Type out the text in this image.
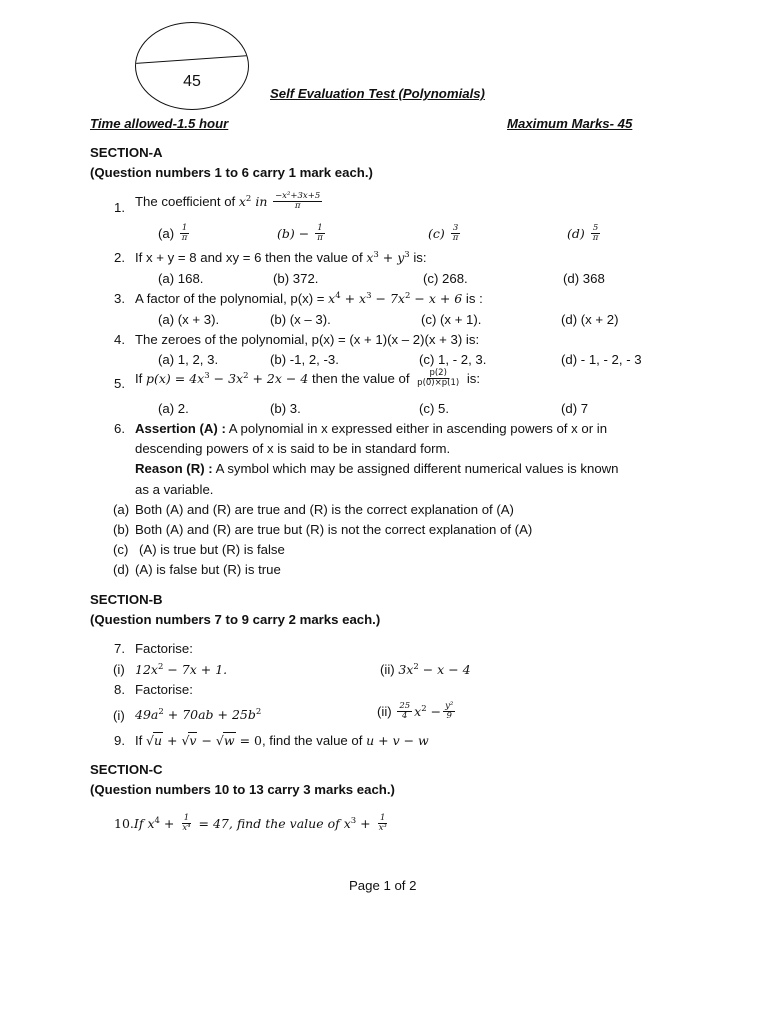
45
Self Evaluation Test (Polynomials)
Time allowed-1.5 hour	Maximum Marks- 45
SECTION-A
(Question numbers 1 to 6 carry 1 mark each.)
1. The coefficient of $x^2$ in $\frac{\text{−x²+3x+5}}{\pi}$
$(a) \frac{1}{\pi}$	$(b) - \frac{1}{\pi}$	$(c) \frac{3}{\pi}$	$(d) \frac{5}{\pi}$
2. If x + y = 8 and xy = 6 then the value of $x^3 + y^3$ is:
(a) 168.	(b) 372.	(c) 268.	(d) 368
3. A factor of the polynomial, $p(x) = x^4 + x^3 - 7x^2 - x + 6$ is :
(a) (x + 3).	(b) (x – 3).	(c) (x + 1).	(d) (x + 2)
4. The zeroes of the polynomial, p(x) = (x + 1)(x – 2)(x + 3) is:
(a) 1, 2, 3.	(b) -1, 2, -3.	(c) 1, - 2, 3.	(d) - 1, - 2, - 3
5. If $p(x) = 4x^3 - 3x^2 + 2x - 4$ then the value of $\frac{p(2)}{p(0)\times p(1)}$ is:
(a) 2.	(b) 3.	(c) 5.	(d) 7
6. Assertion (A) : A polynomial in x expressed either in ascending powers of x or in
descending powers of x is said to be in standard form.
Reason (R) : A symbol which may be assigned different numerical values is known
as a variable.
(a) Both (A) and (R) are true and (R) is the correct explanation of (A)
(b) Both (A) and (R) are true but (R) is not the correct explanation of (A)
(c) (A) is true but (R) is false
(d) (A) is false but (R) is true
SECTION-B
(Question numbers 7 to 9 carry 2 marks each.)
7. Factorise:
(i) $12x^2 - 7x + 1$.	(ii) $3x^2 - x - 4$
8. Factorise:
(i) $49a^2 + 70ab + 25b^2$	$(ii) \frac{25}{4} x^2 - \frac{\text{y²}}{9}$
9. If √u + √v − √w = 0, find the value of u + v − w
SECTION-C
(Question numbers 10 to 13 carry 3 marks each.)
10.If $x^4 + \frac{1}{\text{x⁴}} = 47$, find the value of $x^3 + \frac{1}{\text{x³}}$
Page 1 of 2
